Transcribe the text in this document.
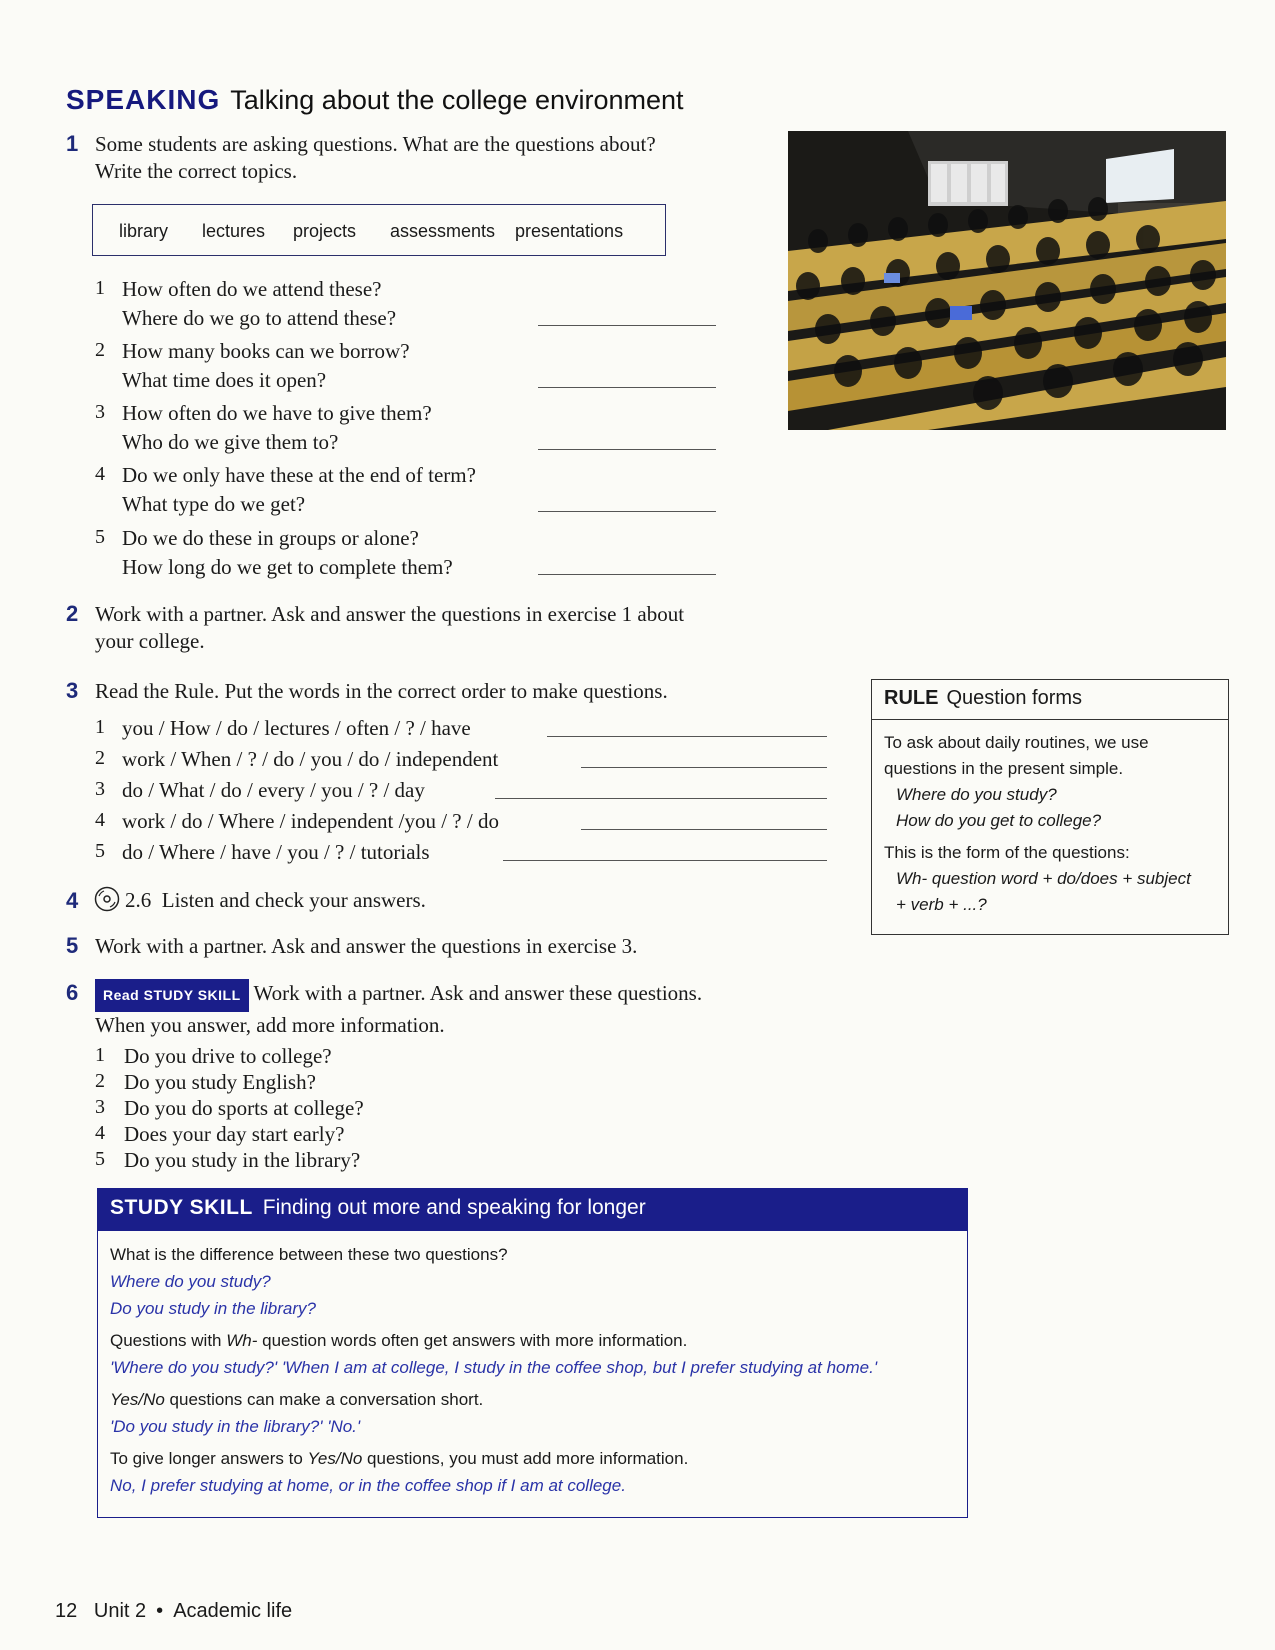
SPEAKING Talking about the college environment
1 Some students are asking questions. What are the questions about?
Write the correct topics.
library lectures projects assessments presentations
1 How often do we attend these?
Where do we go to attend these?
2 How many books can we borrow?
What time does it open?
3 How often do we have to give them?
Who do we give them to?
4 Do we only have these at the end of term?
What type do we get?
5 Do we do these in groups or alone?
How long do we get to complete them?
2 Work with a partner. Ask and answer the questions in exercise 1 about
your college.
3 Read the Rule. Put the words in the correct order to make questions.
1 you / How / do / lectures / often / ? / have
2 work / When / ? / do / you / do / independent
3 do / What / do / every / you / ? / day
4 work / do / Where / independent /you / ? / do
5 do / Where / have / you / ? / tutorials
RULE Question forms
To ask about daily routines, we use
questions in the present simple.
Where do you study?
How do you get to college?
This is the form of the questions:
Wh- question word + do/does + subject
+ verb + ...?
4 2.6 Listen and check your answers.
5 Work with a partner. Ask and answer the questions in exercise 3.
6	Read STUDY SKILL Work with a partner. Ask and answer these questions.
When you answer, add more information.
1 Do you drive to college?
2 Do you study English?
3 Do you do sports at college?
4 Does your day start early?
5 Do you study in the library?
STUDY SKILL Finding out more and speaking for longer

What is the difference between these two questions?
Where do you study?
Do you study in the library?

Questions with Wh- question words often get answers with more information.
'Where do you study?' 'When I am at college, I study in the coffee shop, but I prefer studying at home.'

Yes/No questions can make a conversation short.
'Do you study in the library?' 'No.'

To give longer answers to Yes/No questions, you must add more information.
No, I prefer studying at home, or in the coffee shop if I am at college.

12 Unit 2 • Academic life
